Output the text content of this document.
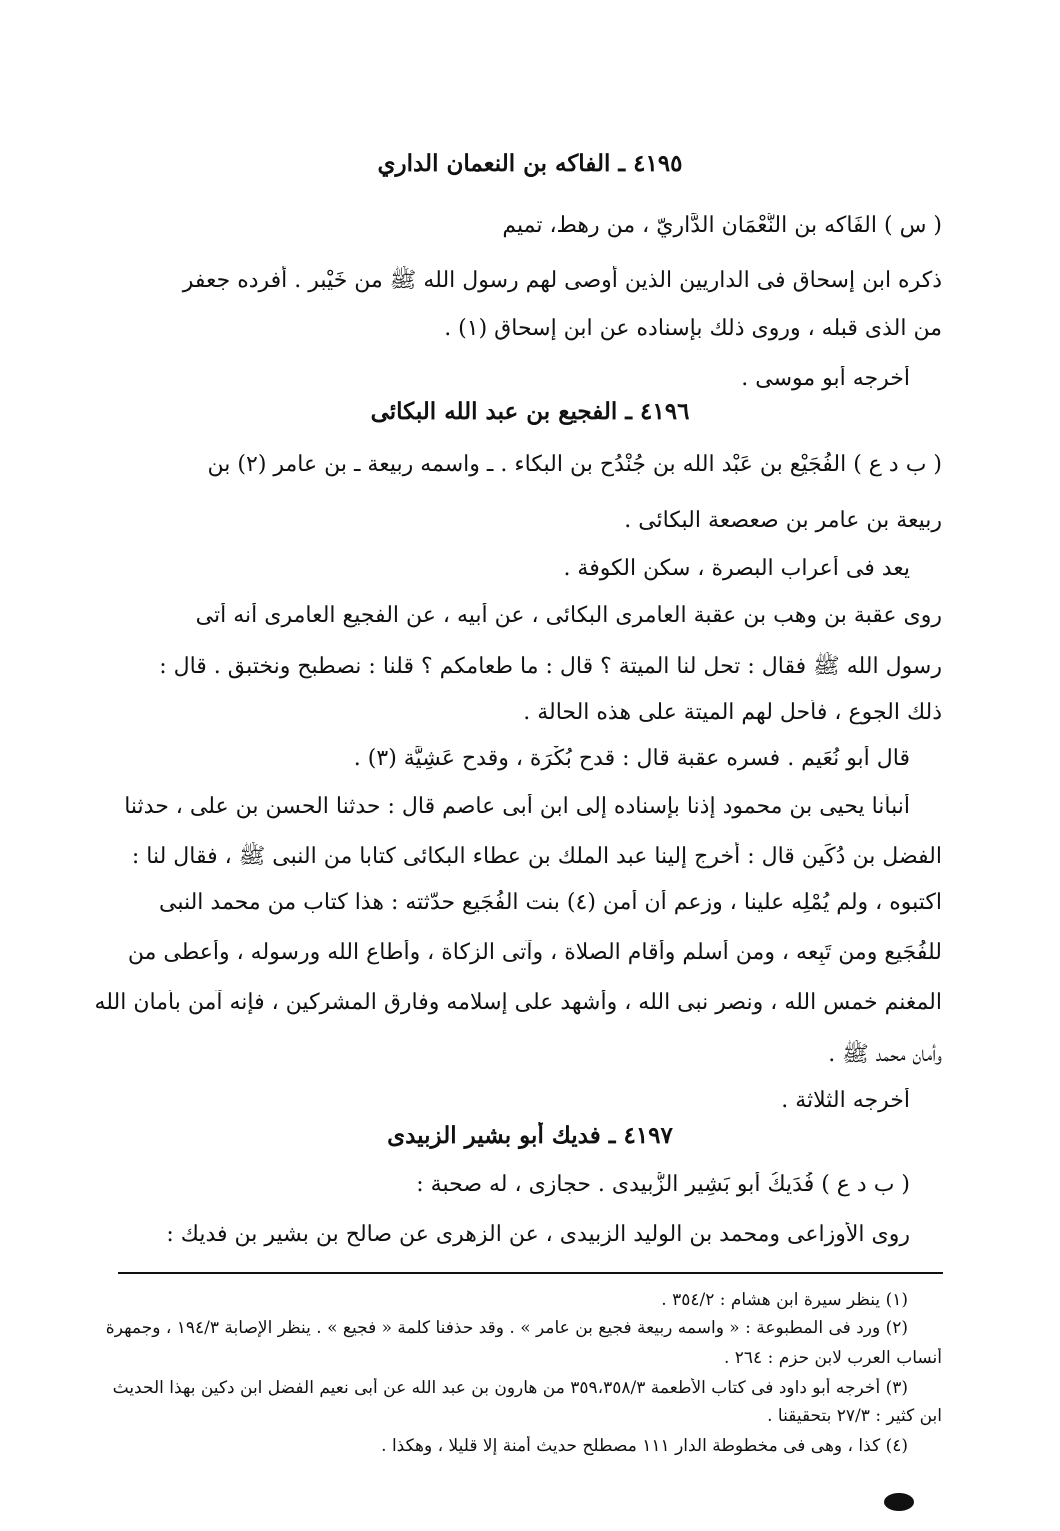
٤١٩٥ ـ الفاكه بن النعمان الداري
( س ) الفَاكه بن النُّعْمَان الدَّارِيّ ، من رهط، تميم
ذكره ابن إسحاق فى الداريين الذين أوصى لهم رسول الله ﷺ من خَيْبر . أفرده جعفر
من الذى قبله ، وروى ذلك بإسناده عن ابن إسحاق (١) .
أخرجه أبو موسى .
٤١٩٦ ـ الفجيع بن عبد الله البكائى
( ب د ع ) الفُجَيْع بن عَبْد الله بن جُنْدُح بن البكاء . ـ واسمه ربيعة ـ بن عامر (٢) بن
ربيعة بن عامر بن صعصعة البكائى .
يعد فى أعراب البصرة ، سكن الكوفة .
روى عقبة بن وهب بن عقبة العامرى البكائى ، عن أبيه ، عن الفجيع العامرى أنه أتى
رسول الله ﷺ فقال : تحل لنا الميتة ؟ قال : ما طعامكم ؟ قلنا : نصطبح ونختبق . قال :
ذلك الجوع ، فأحل لهم الميتة على هذه الحالة .
قال أبو نُعَيم . فسره عقبة قال : قدح بُكْرَة ، وقدح عَشِيَّة (٣) .
أنبأنا يحيى بن محمود إذنا بإسناده إلى ابن أبى عاصم قال : حدثنا الحسن بن على ، حدثنا
الفضل بن دُكَين قال : أخرج إلينا عبد الملك بن عطاء البكائى كتابا من النبى ﷺ ، فقال لنا :
اكتبوه ، ولم يُمْلِه علينا ، وزعم أن أمن (٤) بنت الفُجَيع حدّثته : هذا كتاب من محمد النبى
للفُجَيع ومن تَبِعه ، ومن أسلم وأقام الصلاة ، وآتى الزكاة ، وأطاع الله ورسوله ، وأعطى من
المغنم خمس الله ، ونصر نبى الله ، وأشهد على إسلامه وفارق المشركين ، فإنه آمن بأمان الله
وأمان محمد ﷺ .
أخرجه الثلاثة .
٤١٩٧ ـ فديك أبو بشير الزبيدى
( ب د ع ) فُدَيكُ أبو بَشِير الزُّبيدى . حجازى ، له صحبة :
روى الأوزاعى ومحمد بن الوليد الزبيدى ، عن الزهرى عن صالح بن بشير بن فديك :
(١) ينظر سيرة ابن هشام : ٣٥٤/٢ .
(٢) ورد فى المطبوعة : « واسمه ربيعة فجيع بن عامر » . وقد حذفنا كلمة « فجيع » . ينظر الإصابة ١٩٤/٣ ، وجمهرة
أنساب العرب لابن حزم : ٢٦٤ .
(٣) أخرجه أبو داود فى كتاب الأطعمة ٣٥٩،٣٥٨/٣ من هارون بن عبد الله عن أبى نعيم الفضل ابن دكين بهذا الحديث
ابن كثير : ٢٧/٣ بتحقيقنا .
(٤) كذا ، وهى فى مخطوطة الدار ١١١ مصطلح حديث أمنة إلا قليلا ، وهكذا .
